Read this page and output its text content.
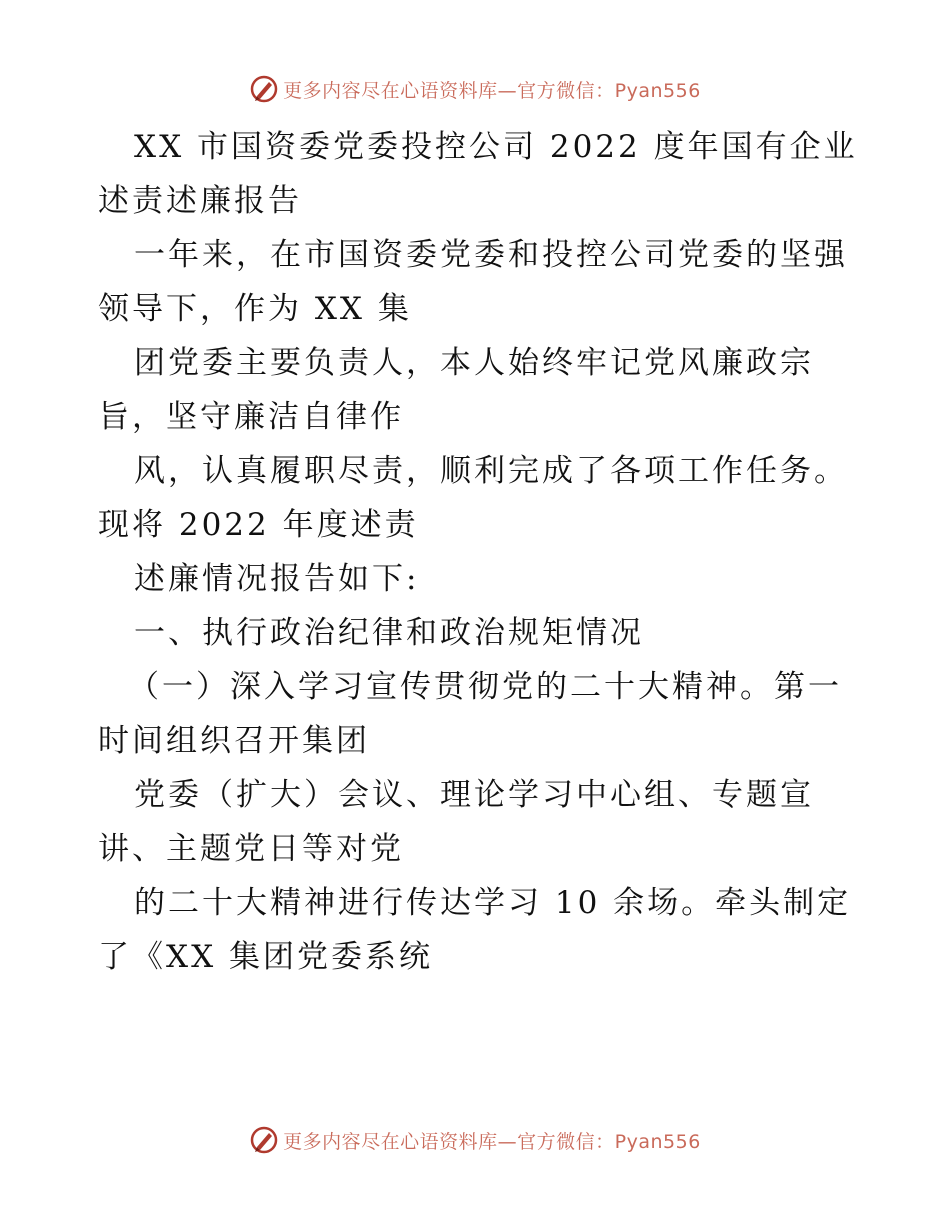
更多内容尽在心语资料库—官方微信：Pyan556
XX 市国资委党委投控公司 2022 度年国有企业
述责述廉报告
一年来，在市国资委党委和投控公司党委的坚强
领导下，作为 XX 集
团党委主要负责人，本人始终牢记党风廉政宗
旨，坚守廉洁自律作
风，认真履职尽责，顺利完成了各项工作任务。
现将 2022 年度述责
述廉情况报告如下:
一、执行政治纪律和政治规矩情况
（一）深入学习宣传贯彻党的二十大精神。第一
时间组织召开集团
党委（扩大）会议、理论学习中心组、专题宣
讲、主题党日等对党
的二十大精神进行传达学习 10 余场。牵头制定
了《XX 集团党委系统
更多内容尽在心语资料库—官方微信：Pyan556
